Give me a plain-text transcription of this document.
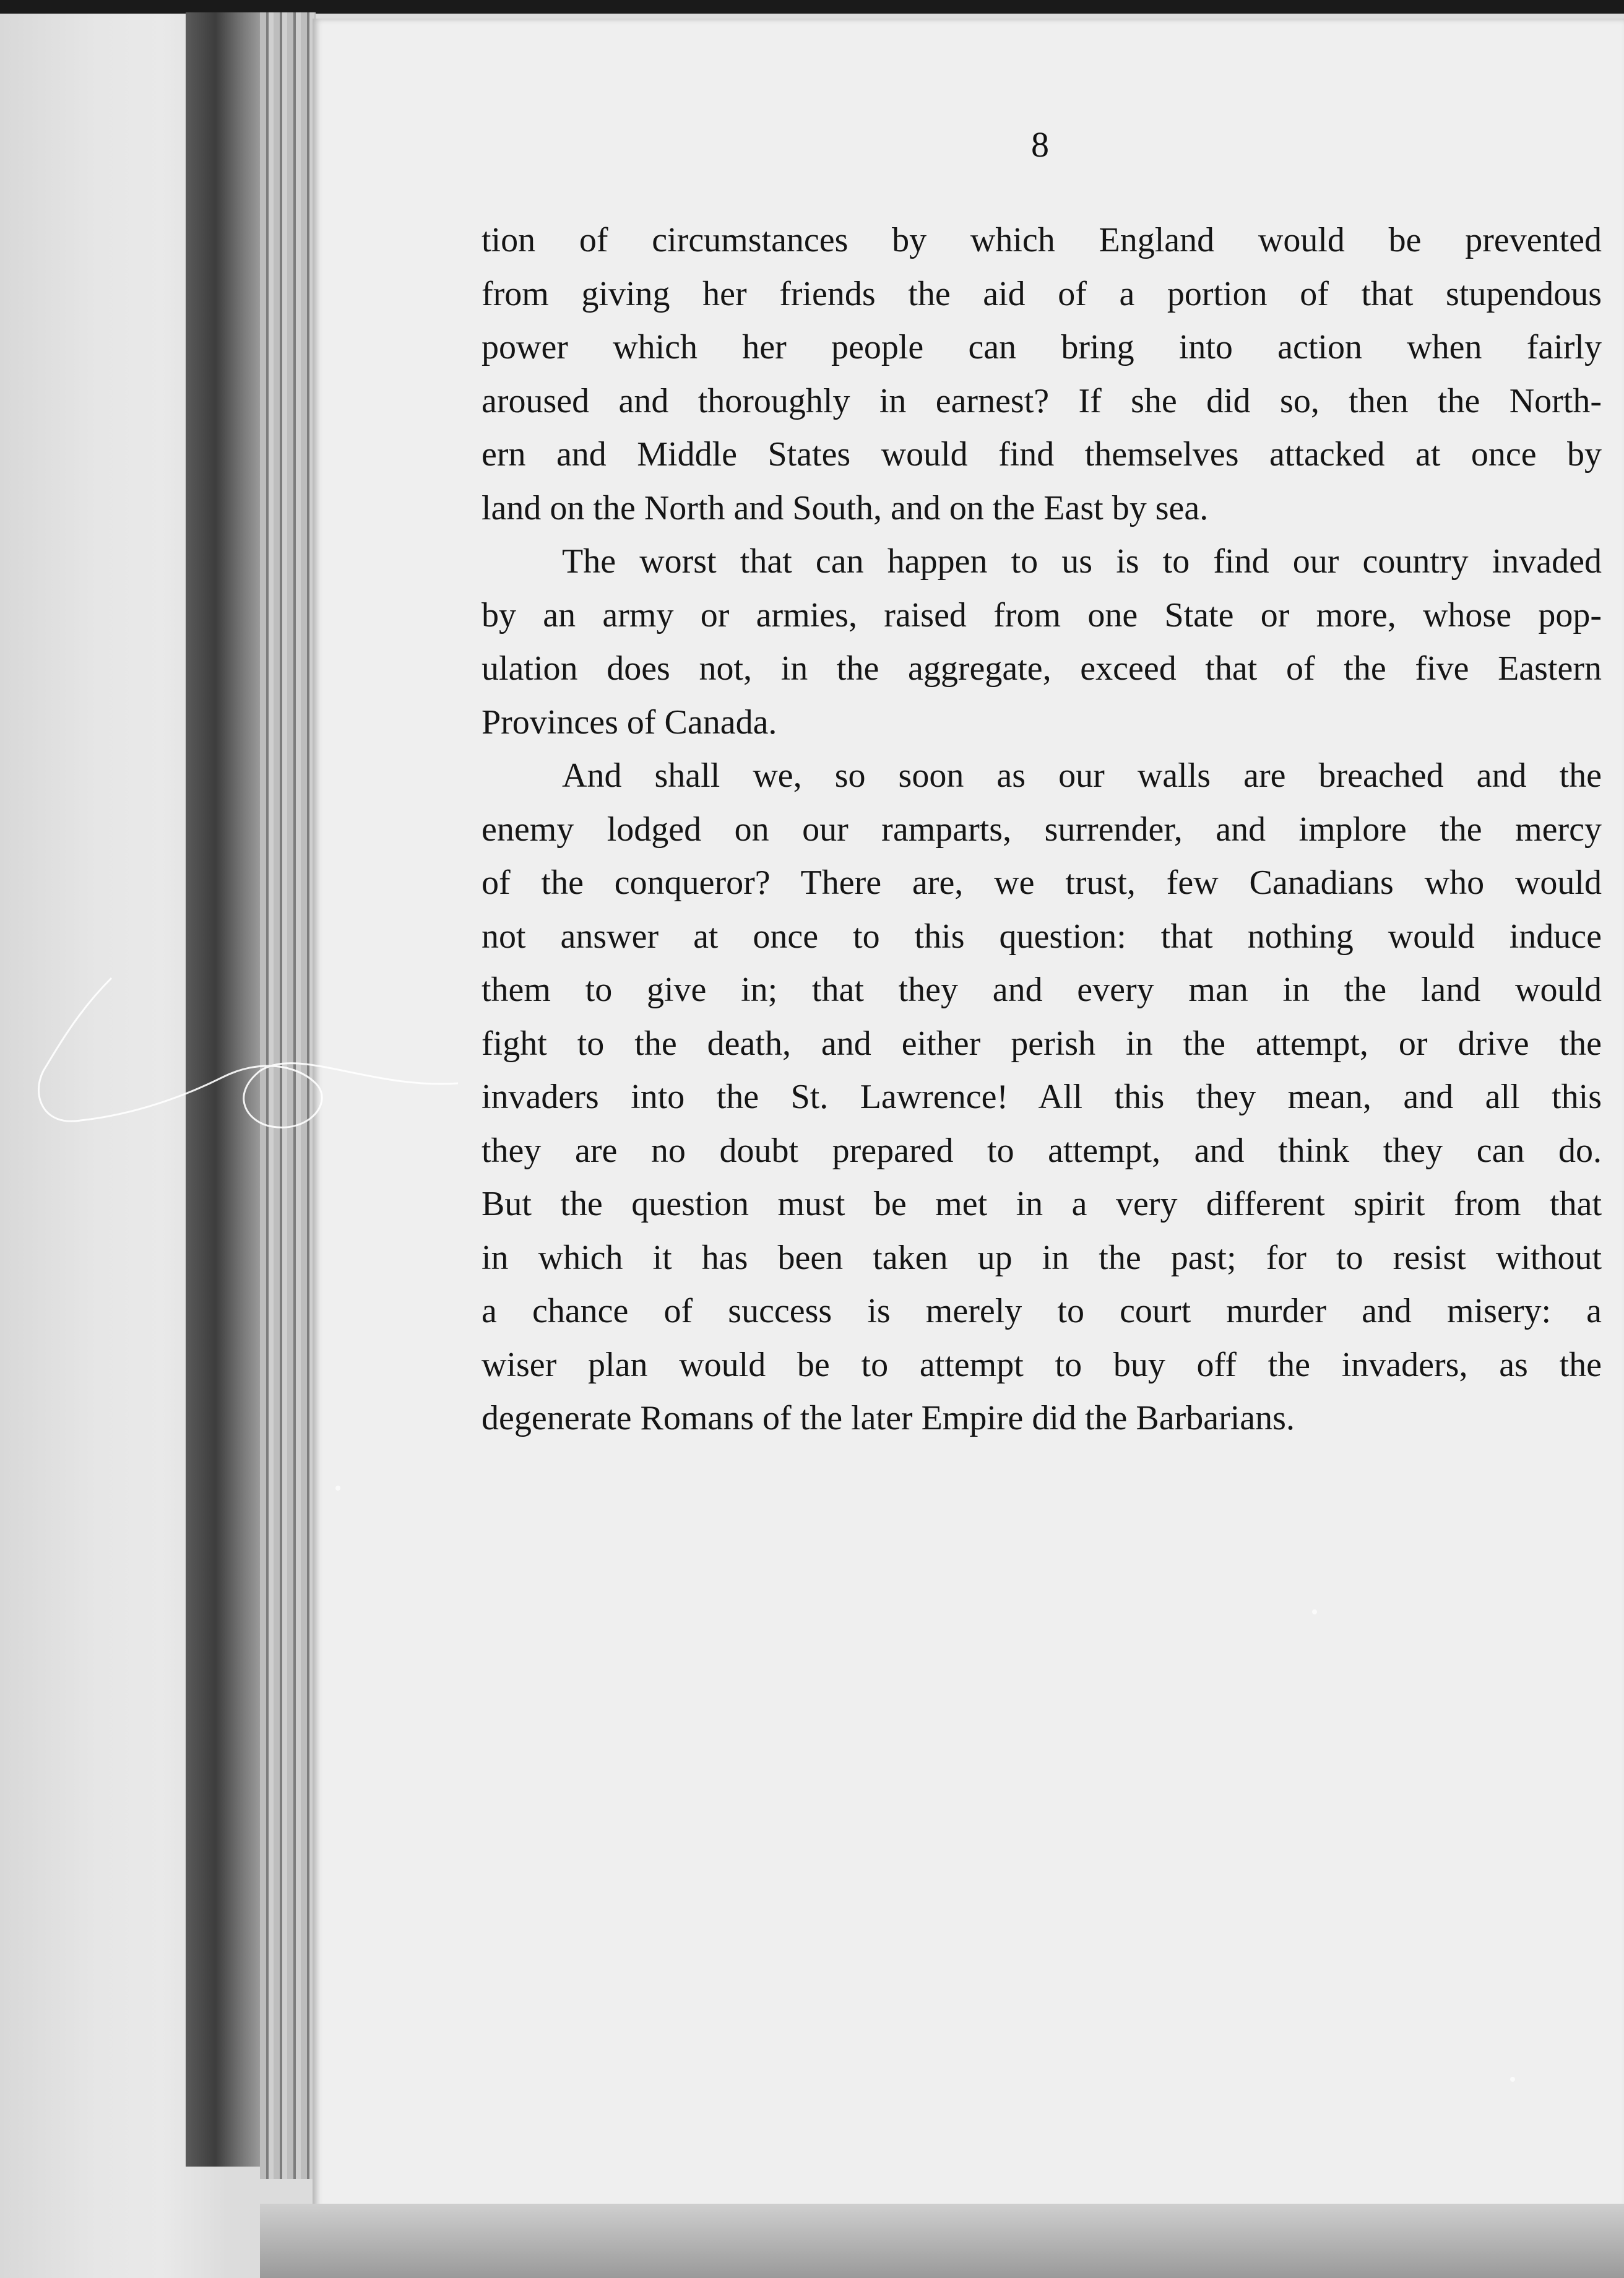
8
tion of circumstances by which England would be prevented
from giving her friends the aid of a portion of that stupendous
power which her people can bring into action when fairly
aroused and thoroughly in earnest? If she did so, then the North-
ern and Middle States would find themselves attacked at once by
land on the North and South, and on the East by sea.
The worst that can happen to us is to find our country invaded
by an army or armies, raised from one State or more, whose pop-
ulation does not, in the aggregate, exceed that of the five Eastern
Provinces of Canada.
And shall we, so soon as our walls are breached and the
enemy lodged on our ramparts, surrender, and implore the mercy
of the conqueror? There are, we trust, few Canadians who would
not answer at once to this question: that nothing would induce
them to give in; that they and every man in the land would
fight to the death, and either perish in the attempt, or drive the
invaders into the St. Lawrence! All this they mean, and all this
they are no doubt prepared to attempt, and think they can do.
But the question must be met in a very different spirit from that
in which it has been taken up in the past; for to resist without
a chance of success is merely to court murder and misery: a
wiser plan would be to attempt to buy off the invaders, as the
degenerate Romans of the later Empire did the Barbarians.
